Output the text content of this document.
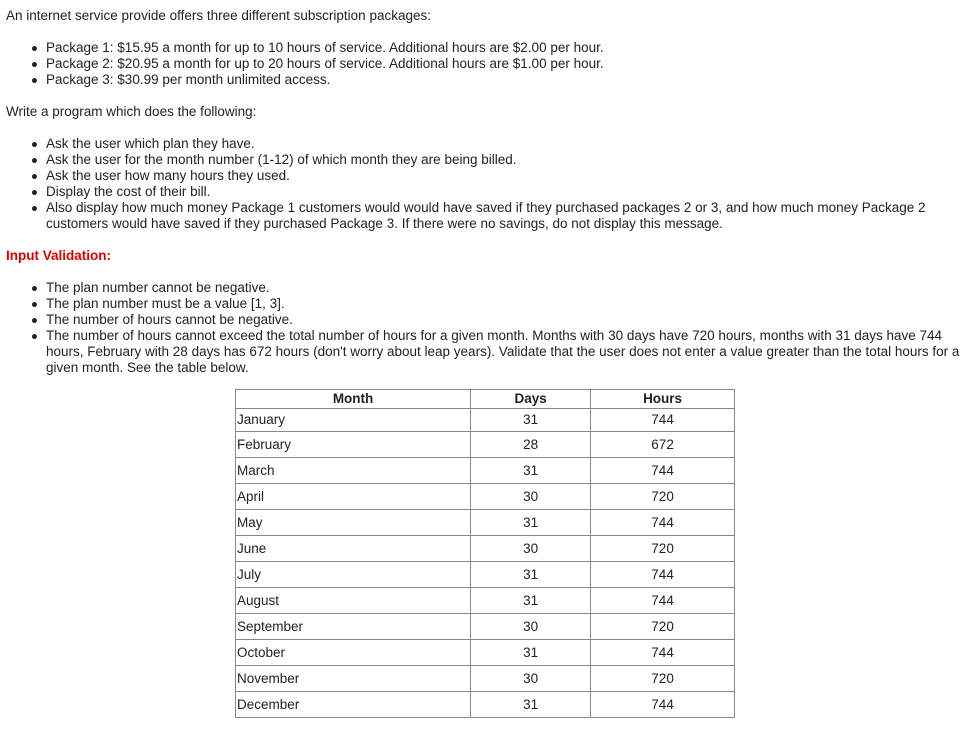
An internet service provide offers three different subscription packages:

Package 1: $15.95 a month for up to 10 hours of service. Additional hours are $2.00 per hour.
Package 2: $20.95 a month for up to 20 hours of service. Additional hours are $1.00 per hour.
Package 3: $30.99 per month unlimited access.

Write a program which does the following:

Ask the user which plan they have.
Ask the user for the month number (1-12) of which month they are being billed.
Ask the user how many hours they used.
Display the cost of their bill.
Also display how much money Package 1 customers would would have saved if they purchased packages 2 or 3, and how much money Package 2 customers would have saved if they purchased Package 3. If there were no savings, do not display this message.

Input Validation:

The plan number cannot be negative.
The plan number must be a value [1, 3].
The number of hours cannot be negative.
The number of hours cannot exceed the total number of hours for a given month. Months with 30 days have 720 hours, months with 31 days have 744 hours, February with 28 days has 672 hours (don't worry about leap years). Validate that the user does not enter a value greater than the total hours for a given month. See the table below.
Month	Days	Hours
January	31	744
February	28	672
March	31	744
April	30	720
May	31	744
June	30	720
July	31	744
August	31	744
September	30	720
October	31	744
November	30	720
December	31	744
